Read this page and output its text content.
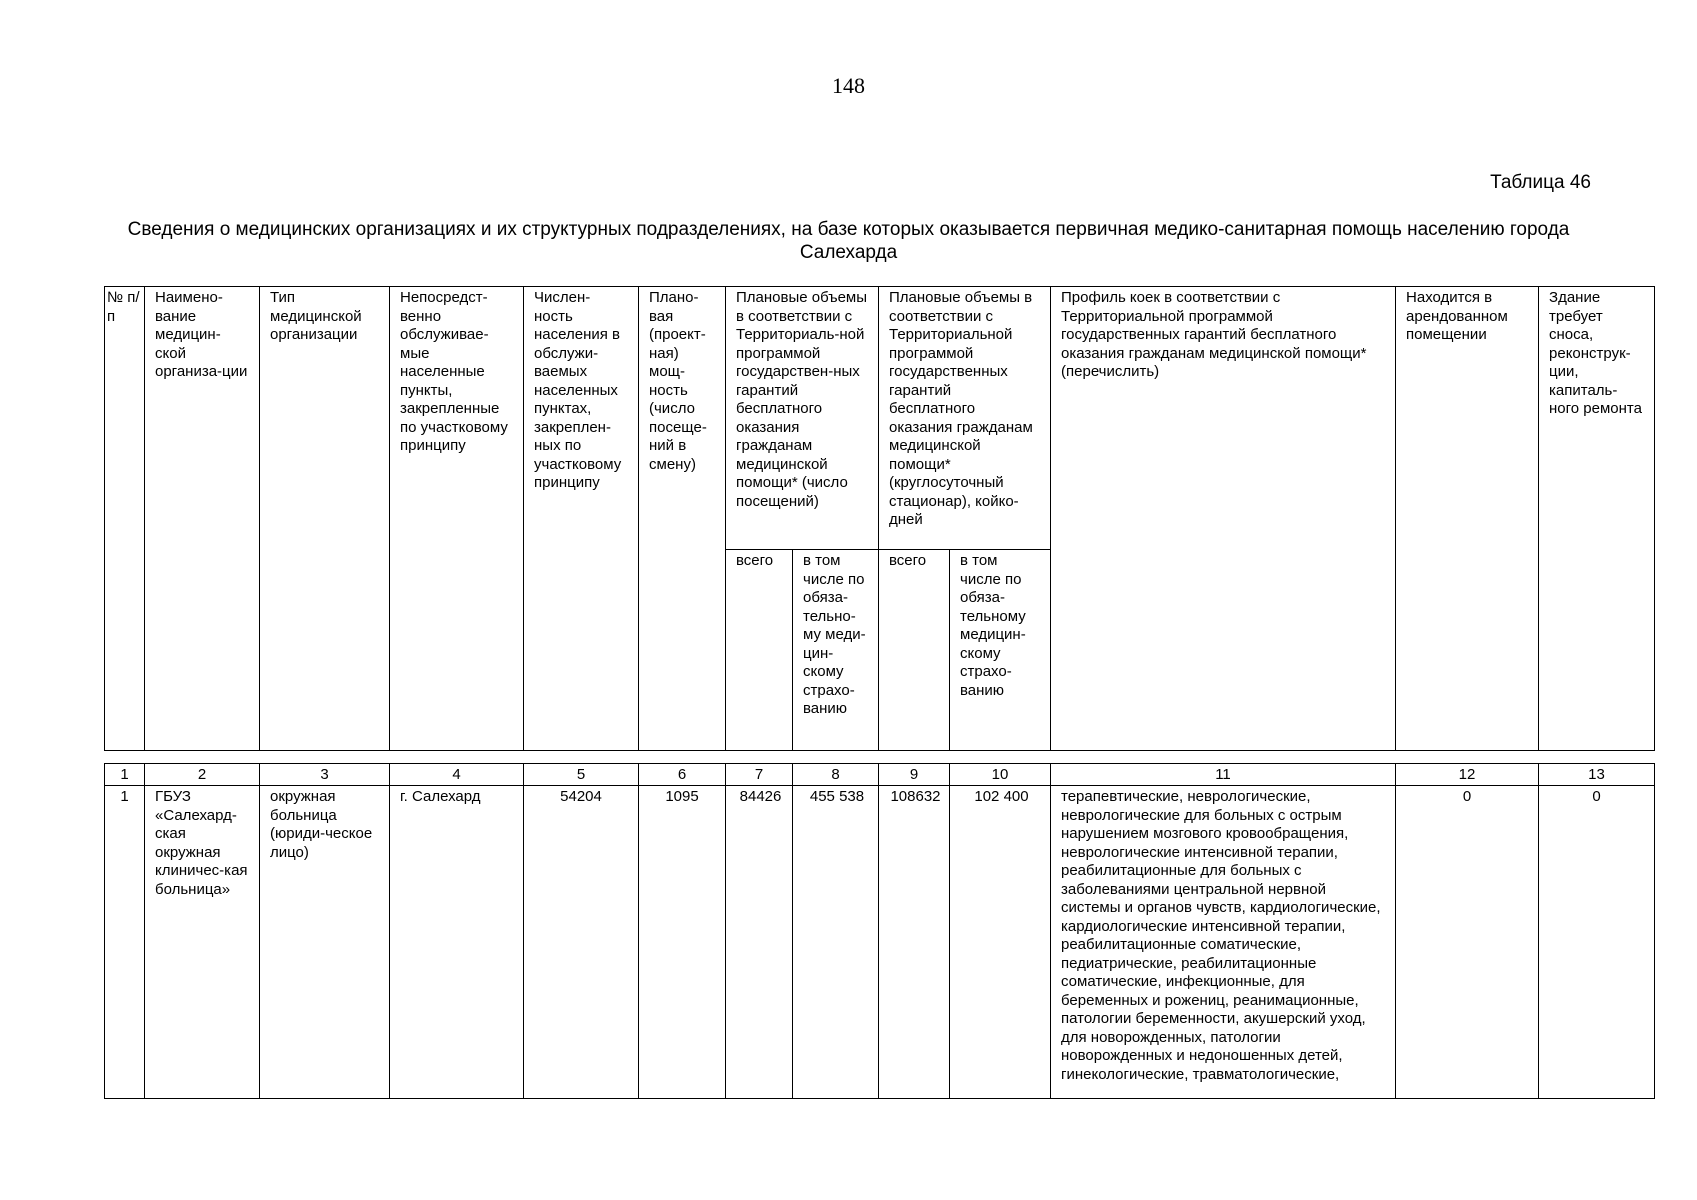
148
Таблица 46
Сведения о медицинских организациях и их структурных подразделениях, на базе которых оказывается первичная медико-санитарная помощь населению города Салехарда
№ п/п	Наимено-вание медицин-ской организа-ции	Тип медицинской организации	Непосредст-венно обслуживае-мые населенные пункты, закрепленные по участковому принципу	Числен-ность населения в обслужи-ваемых населенных пунктах, закреплен-ных по участковому принципу	Плано-вая (проект-ная) мощ-ность (число посеще-ний в смену)	Плановые объемы в соответствии с Территориаль-ной программой государствен-ных гарантий бесплатного оказания гражданам медицинской помощи* (число посещений)		Плановые объемы в соответствии с Территориальной программой государственных гарантий бесплатного оказания гражданам медицинской помощи* (круглосуточный стационар), койко-дней		Профиль коек в соответствии с Территориальной программой государственных гарантий бесплатного оказания гражданам медицинской помощи* (перечислить)	Находится в арендованном помещении	Здание требует сноса, реконструк-ции, капиталь-ного ремонта
						всего	в том числе по обяза-тельно-му меди-цин-скому страхо-ванию	всего	в том числе по обяза-тельному медицин-скому страхо-ванию			
1	2	3	4	5	6	7	8	9	10	11	12	13
1	ГБУЗ «Салехард-ская окружная клиничес-кая больница»	окружная больница (юриди-ческое лицо)	г. Салехард	54204	1095	84426	455 538	108632	102 400	терапевтические, неврологические, неврологические для больных с острым нарушением мозгового кровообращения, неврологические интенсивной терапии, реабилитационные для больных с заболеваниями центральной нервной системы и органов чувств, кардиологические, кардиологические интенсивной терапии, реабилитационные соматические, педиатрические, реабилитационные соматические, инфекционные, для беременных и рожениц, реанимационные, патологии беременности, акушерский уход, для новорожденных, патологии новорожденных и недоношенных детей, гинекологические, травматологические,	0	0
